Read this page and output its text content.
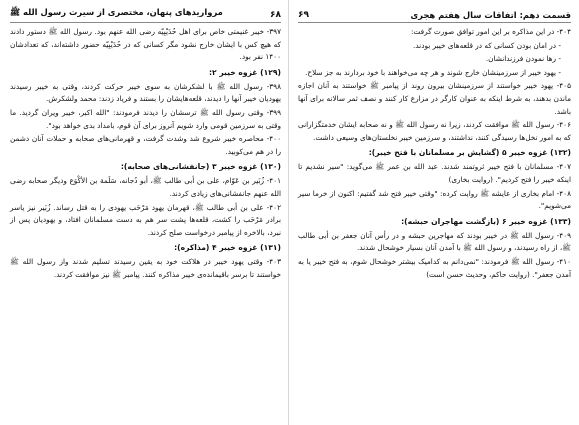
۶۹	قسمت دهم: اتفاقات سال هفتم هجری

۴۰۴- در این مذاکره بر این امور توافق صورت گرفت:

- در امان بودن کسانی که در قلعه‌های خیبر بودند.

- رها نمودن فرزندانشان.

- یهود خیبر از سرزمینشان خارج شوند و هر چه می‌خواهند با خود بردارند به جز سلاح.

۴۰۵- یهود خیبر خواستند از سرزمینشان بیرون روند از پیامبر ﷺ خواستند به آنان اجازه ماندن بدهند، به شرط اینکه به عنوان کارگر در مزارع کار کنند و نصف ثمر سالانه برای آنها باشد.

۴۰۶- رسول الله ﷺ موافقت کردند، زیرا نه رسول الله ﷺ و نه صحابه ایشان خدمتگزارانی که به امور نخل‌ها رسیدگی کنند، نداشتند، و سرزمین خیبر نخلستان‌های وسیعی داشت.

(۱۳۲) غزوه خیبر ۵ (گشایش بر مسلمانان با فتح خیبر):

۴۰۷- مسلمانان با فتح خیبر ثروتمند شدند. عبد الله بن عمر ﷺ می‌گوید: "سیر نشدیم تا اینکه خیبر را فتح کردیم". (روایت بخاری)

۴۰۸- امام بخاری از عایشه ﷺ روایت کرده: "وقتی خیبر فتح شد گفتیم: اکنون از خرما سیر می‌شویم".

(۱۳۳) غزوه خیبر ۶ (بازگشت مهاجران حبشه):

۴۰۹- رسول الله ﷺ در خیبر بودند که مهاجرین حبشه و در رأس آنان جعفر بن أبی طالب ﷺ، از راه رسیدند، و رسول الله ﷺ با آمدن آنان بسیار خوشحال شدند.

۴۱۰- رسول الله ﷺ فرمودند: "نمی‌دانم به کدامیک بیشتر خوشحال شوم، به فتح خیبر یا به آمدن جعفر". (روایت حاکم، وحدیث حسن است)

مرواریدهای پنهان، مختصری از سیرت رسول الله ﷺ	۶۸

۳۹۷- خیبر غنیمتی خاص برای اهل حُدَیْبِیّه رضی الله عنهم بود. رسول الله ﷺ دستور دادند که هیچ کس با ایشان خارج نشود مگر کسانی که در حُدَیْبِیّه حضور داشته‌اند، که تعدادشان ۱۴۰۰ نفر بود.

(۱۲۹) غزوه خیبر ۲:

۳۹۸- رسول الله ﷺ با لشکرشان به سوی خیبر حرکت کردند، وقتی به خیبر رسیدند یهودیان خیبر آنها را دیدند، قلعه‌هایشان را بستند و فریاد زدند: محمد ولشکرش.

۳۹۹- وقتی رسول الله ﷺ ترسشان را دیدند فرمودند: "الله اکبر، خیبر ویران گردید. ما وقتی به سرزمین قومی وارد شویم آنروز برای آن قوم، بامداد بدی خواهد بود".

۴۰۰- محاصره خیبر شروع شد وشدت گرفت، و قهرمانی‌های صحابه و حملات آنان دشمن را در هم می‌کوبید.

(۱۳۰) غزوه خیبر ۳ (جانفشانی‌های صحابه):

۴۰۱- زُبَیر بن عَوّام، علی بن أبی طالب ﷺ، أبو دُجانه، سَلَمة بن الأکْوَع ودیگر صحابه رضی الله عنهم جانفشانی‌های زیادی کردند.

۴۰۲- علی بن أبی طالب ﷺ، قهرمان یهود مَرْحَب یهودی را به قتل رساند. زُبَیر نیز یاسر برادر مَرْحَب را کشت، قلعه‌ها پشت سر هم به دست مسلمانان افتاد، و یهودیان پس از نبرد، بالاخره از پیامبر درخواست صلح کردند.

(۱۳۱) غزوه خیبر ۴ (مذاکره):

۴۰۳- وقتی یهود خیبر در هلاکت خود به یقین رسیدند تسلیم شدند واز رسول الله ﷺ خواستند تا برسر باقیمانده‌ی خیبر مذاکره کنند. پیامبر ﷺ نیز موافقت کردند.
